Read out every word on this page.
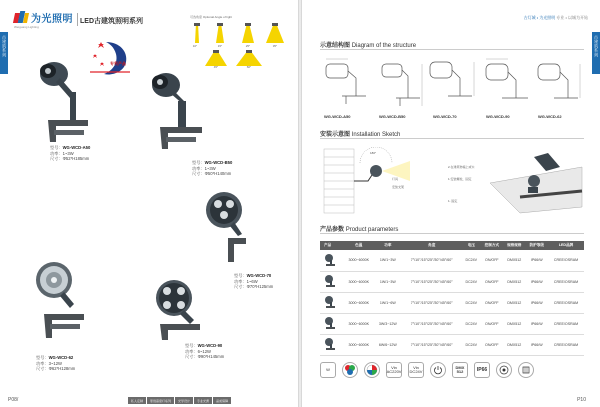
古建筑系列
为光照明
Weiguang Lighting
LED古建筑照明系列
可选角度 Optional Angle of light
10°	15°	25°	35°
45°	60°
专利产品
型号：WG-WCD-A50
功率：1~3W
尺寸：Φ52*H185mm
型号：WG-WCD-B50
功率：1~3W
尺寸：Φ50*H140mm
型号：WG-WCD-70
功率：1~6W
尺寸：Φ70*H125mm
型号：WG-WCD-62
功率：3~12W
尺寸：Φ62*H128mm
型号：WG-WCD-90
功率：6~12W
尺寸：Φ90*H145mm
P08/	私人定制	原创高度灯系列	光学设计	专业光源	品质保障
古建筑系列
古灯城 • 为光照明 专业 • 以城为开始
示意结构图 Diagram of the structure
WG-WCD-A50	WG-WCD-B50	WG-WCD-70	WG-WCD-90	WG-WCD-62
安装示意图 Installation Sketch
180°
灯具
安装支架
2.在建筑物墙上或木
1.安装螺栓，固定
1. 固定
产品参数 Product parameters
产品	色温	功率	角度	电压	控制方式	规格规格	防护等级	LED品牌
	3000~6000K	1W/1~3W	7°/10°/15°/25°/30°/45°/60°	DC24V	ON/OFF	DMX512	IP66/W	CREE/OSRAM
	3000~6000K	1W/1~3W	7°/10°/15°/25°/30°/45°/60°	DC24V	ON/OFF	DMX512	IP66/W	CREE/OSRAM
	3000~6000K	1W/1~6W	7°/10°/15°/25°/30°/45°/60°	DC24V	ON/OFF	DMX512	IP66/W	CREE/OSRAM
	3000~6000K	3W/3~12W	7°/10°/15°/25°/30°/45°/60°	DC24V	ON/OFF	DMX512	IP66/W	CREE/OSRAM
	3000~6000K	6W/6~12W	7°/10°/15°/25°/30°/45°/60°	DC24V	ON/OFF	DMX512	IP66/W	CREE/OSRAM
W	Vin AC220V
Vin DC24V
DMX 512	IP66
P10
